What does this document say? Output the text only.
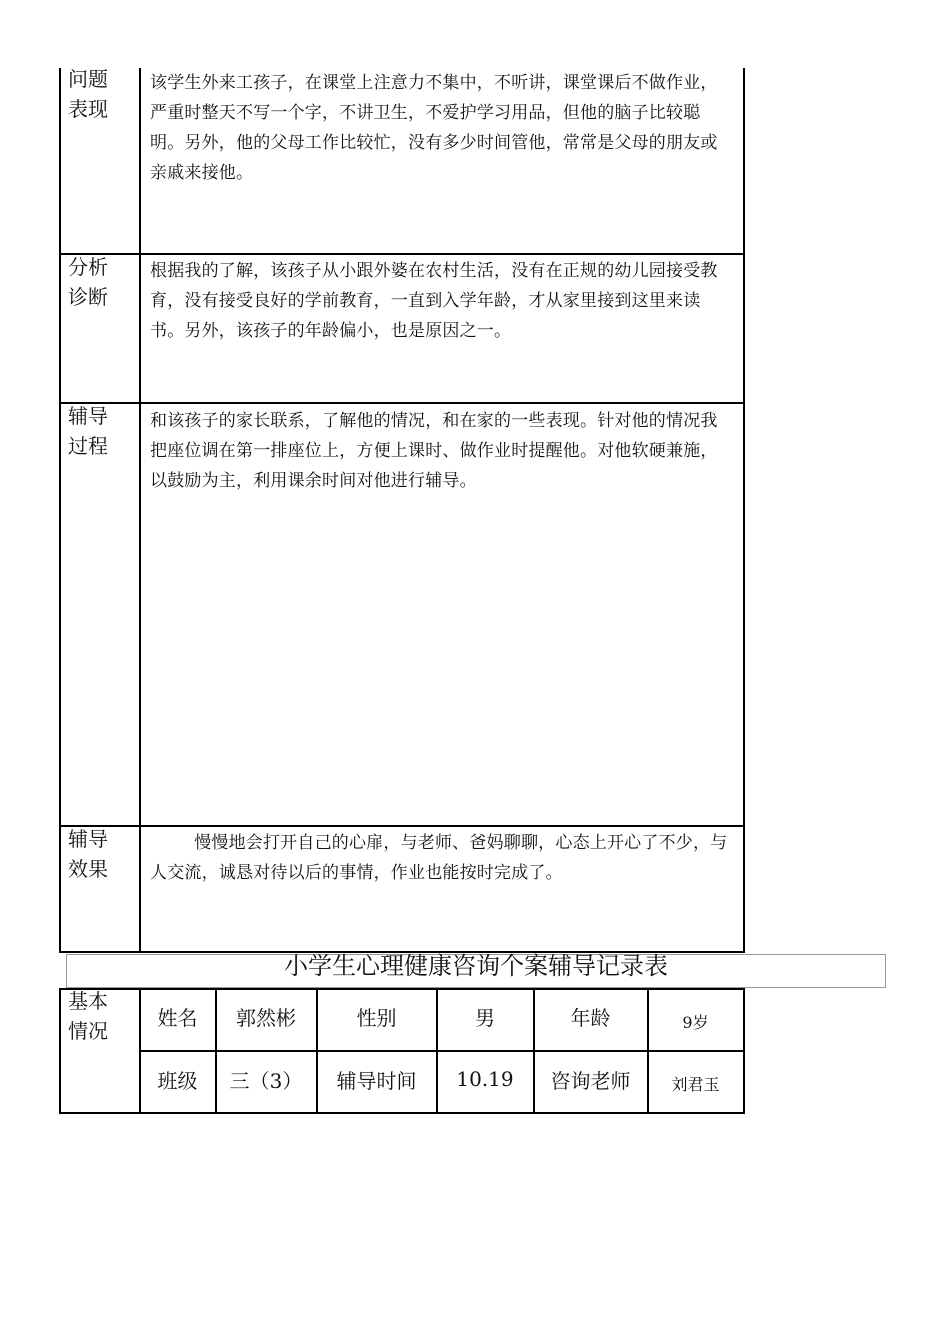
问题
表现
该学生外来工孩子，在课堂上注意力不集中，不听讲，课堂课后不做作业，严重时整天不写一个字，不讲卫生，不爱护学习用品，但他的脑子比较聪明。另外，他的父母工作比较忙，没有多少时间管他，常常是父母的朋友或亲戚来接他。
分析
诊断
根据我的了解，该孩子从小跟外婆在农村生活，没有在正规的幼儿园接受教育，没有接受良好的学前教育，一直到入学年龄，才从家里接到这里来读书。另外，该孩子的年龄偏小，也是原因之一。
辅导
过程
和该孩子的家长联系，了解他的情况，和在家的一些表现。针对他的情况我把座位调在第一排座位上，方便上课时、做作业时提醒他。对他软硬兼施，以鼓励为主，利用课余时间对他进行辅导。
辅导
效果
慢慢地会打开自己的心扉，与老师、爸妈聊聊，心态上开心了不少，与人交流，诚恳对待以后的事情，作业也能按时完成了。
小学生心理健康咨询个案辅导记录表
基本
情况
姓名	郭然彬	性别	男	年龄	9岁
班级	三（3）	辅导时间	10.19	咨询老师	刘君玉
